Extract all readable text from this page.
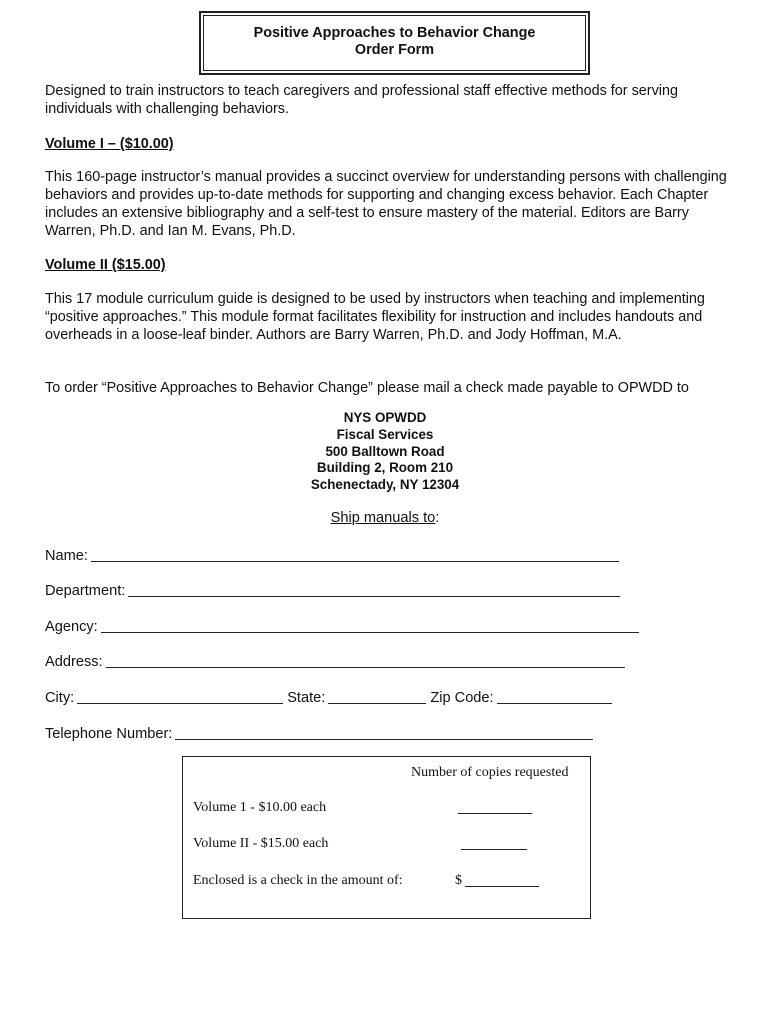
Positive Approaches to Behavior Change
Order Form
Designed to train instructors to teach caregivers and professional staff effective methods for serving individuals with challenging behaviors.
Volume I – ($10.00)
This 160-page instructor’s manual provides a succinct overview for understanding persons with challenging behaviors and provides up-to-date methods for supporting and changing excess behavior. Each Chapter includes an extensive bibliography and a self-test to ensure mastery of the material. Editors are Barry Warren, Ph.D. and Ian M. Evans, Ph.D.
Volume II ($15.00)
This 17 module curriculum guide is designed to be used by instructors when teaching and implementing “positive approaches.” This module format facilitates flexibility for instruction and includes handouts and overheads in a loose-leaf binder. Authors are Barry Warren, Ph.D. and Jody Hoffman, M.A.
To order “Positive Approaches to Behavior Change” please mail a check made payable to OPWDD to
NYS OPWDD
Fiscal Services
500 Balltown Road
Building 2, Room 210
Schenectady, NY 12304
Ship manuals to:
Name:
Department:
Agency:
Address:
City:	State:	Zip Code:
Telephone Number:
Number of copies requested
Volume 1 - $10.00 each
Volume II - $15.00 each
Enclosed is a check in the amount of:	$
